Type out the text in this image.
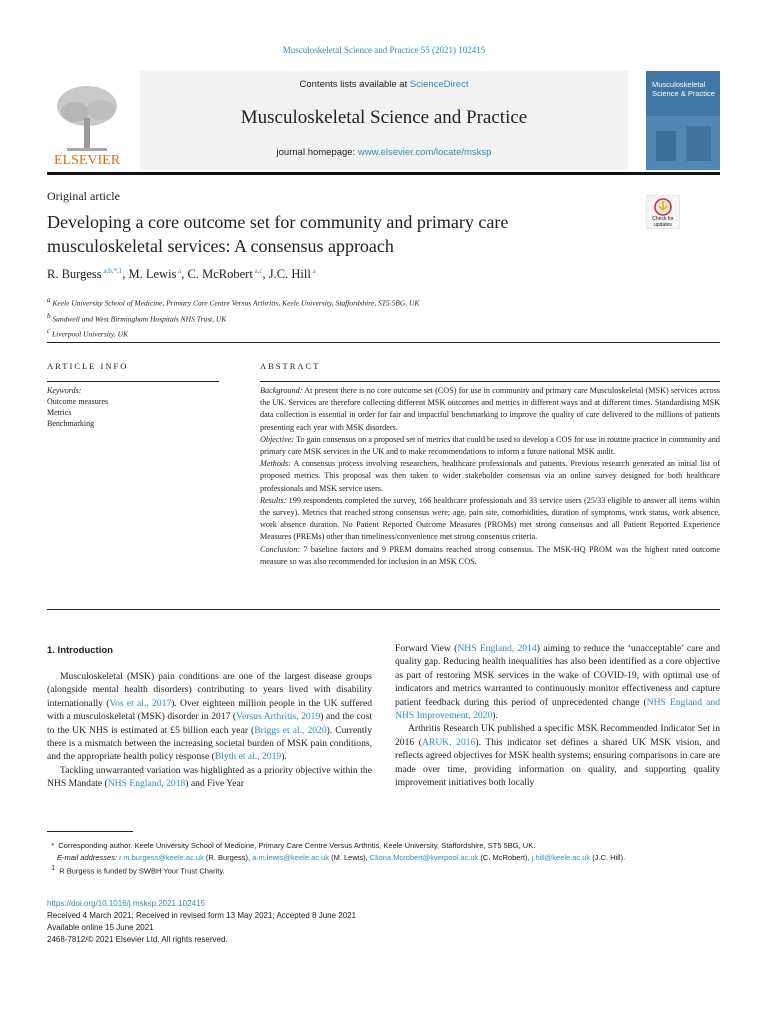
Musculoskeletal Science and Practice 55 (2021) 102415
ELSEVIER
Contents lists available at ScienceDirect
Musculoskeletal Science and Practice
journal homepage: www.elsevier.com/locate/msksp
Musculoskeletal Science & Practice
Original article
Developing a core outcome set for community and primary care musculoskeletal services: A consensus approach
Check for updates
R. Burgess $^{a,b,*,1}$, M. Lewis $^a$, C. McRobert $^{a,c}$, J.C. Hill $^a$
$^a$ Keele University School of Medicine, Primary Care Centre Versus Arthritis, Keele University, Staffordshire, ST5 5BG, UK
$^b$ Sandwell and West Birmingham Hospitals NHS Trust, UK
$^c$ Liverpool University, UK
ARTICLE INFO	ABSTRACT
Keywords:
Outcome measures
Metrics
Benchmarking

Background: At present there is no core outcome set (COS) for use in community and primary care Musculoskeletal (MSK) services across the UK. Services are therefore collecting different MSK outcomes and metrics in different ways and at different times. Standardising MSK data collection is essential in order for fair and impactful benchmarking to improve the quality of care delivered to the millions of patients presenting each year with MSK disorders.

Objective: To gain consensus on a proposed set of metrics that could be used to develop a COS for use in routine practice in community and primary care MSK services in the UK and to make recommendations to inform a future national MSK audit.

Methods: A consensus process involving researchers, healthcare professionals and patients. Previous research generated an initial list of proposed metrics. This proposal was then taken to wider stakeholder consensus via an online survey designed for both healthcare professionals and MSK service users.

Results: 199 respondents completed the survey, 166 healthcare professionals and 33 service users (25/33 eligible to answer all items within the survey). Metrics that reached strong consensus were; age, pain site, comorbidities, duration of symptoms, work status, work absence, work absence duration. No Patient Reported Outcome Measures (PROMs) met strong consensus and all Patient Reported Experience Measures (PREMs) other than timeliness/convenience met strong consensus criteria.

Conclusion: 7 baseline factors and 9 PREM domains reached strong consensus. The MSK-HQ PROM was the highest rated outcome measure so was also recommended for inclusion in an MSK COS.

1. Introduction

Musculoskeletal (MSK) pain conditions are one of the largest disease groups (alongside mental health disorders) contributing to years lived with disability internationally (Vos et al., 2017). Over eighteen million people in the UK suffered with a musculoskeletal (MSK) disorder in 2017 (Versus Arthritis, 2019) and the cost to the UK NHS is estimated at £5 billion each year (Briggs et al., 2020). Currently there is a mismatch between the increasing societal burden of MSK pain conditions, and the appropriate health policy response (Blyth et al., 2019).

Tackling unwarranted variation was highlighted as a priority objective within the NHS Mandate (NHS England, 2018) and Five Year

Forward View (NHS England, 2014) aiming to reduce the ‘unacceptable’ care and quality gap. Reducing health inequalities has also been identified as a core objective as part of restoring MSK services in the wake of COVID-19, with optimal use of indicators and metrics warranted to continuously monitor effectiveness and capture patient feedback during this period of unprecedented change (NHS England and NHS Improvement, 2020).

Arthritis Research UK published a specific MSK Recommended Indicator Set in 2016 (ARUK, 2016). This indicator set defines a shared UK MSK vision, and reflects agreed objectives for MSK health systems; ensuring comparisons in care are made over time, providing information on quality, and supporting quality improvement initiatives both locally

*  Corresponding author. Keele University School of Medicine, Primary Care Centre Versus Arthritis, Keele University, Staffordshire, ST5 5BG, UK.
E-mail addresses: r.m.burgess@keele.ac.uk (R. Burgess), a.m.lewis@keele.ac.uk (M. Lewis), Cliona.Mcrobert@liverpool.ac.uk (C. McRobert), j.hill@keele.ac.uk (J.C. Hill).
$^1$ R Burgess is funded by SWBH Your Trust Charity.
https://doi.org/10.1016/j.msksp.2021.102415
Received 4 March 2021; Received in revised form 13 May 2021; Accepted 8 June 2021
Available online 15 June 2021
2468-7812/© 2021 Elsevier Ltd. All rights reserved.
